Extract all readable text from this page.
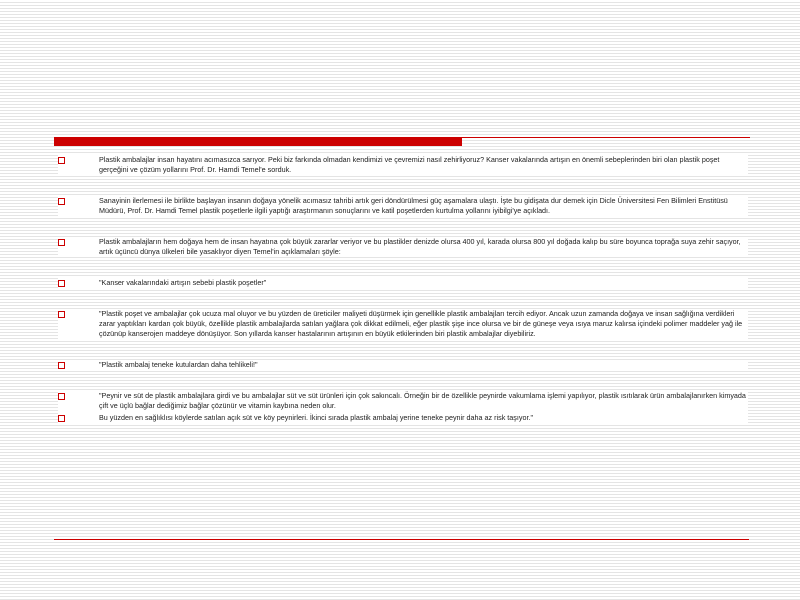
Plastik ambalajlar insan hayatını acımasızca sarıyor. Peki biz farkında olmadan kendimizi ve çevremizi nasıl zehirliyoruz? Kanser vakalarında artışın en önemli sebeplerinden biri olan plastik poşet gerçeğini ve çözüm yollarını Prof. Dr. Hamdi Temel'e sorduk.
Sanayinin ilerlemesi ile birlikte başlayan insanın doğaya yönelik acımasız tahribi artık geri döndürülmesi güç aşamalara ulaştı. İşte bu gidişata dur demek için Dicle Üniversitesi Fen Bilimleri Enstitüsü Müdürü, Prof. Dr. Hamdi Temel plastik poşetlerle ilgili yaptığı araştırmanın sonuçlarını ve katil poşetlerden kurtulma yollarını iyibilgi'ye açıkladı.
Plastik ambalajların hem doğaya hem de insan hayatına çok büyük zararlar veriyor ve bu plastikler denizde olursa 400 yıl, karada olursa 800 yıl doğada kalıp bu süre boyunca toprağa suya zehir saçıyor, artık üçüncü dünya ülkeleri bile yasaklıyor diyen Temel'in açıklamaları şöyle:
"Kanser vakalarındaki artışın sebebi plastik poşetler"
"Plastik poşet ve ambalajlar çok ucuza mal oluyor ve bu yüzden de üreticiler maliyeti düşürmek için genellikle plastik ambalajları tercih ediyor. Ancak uzun zamanda doğaya ve insan sağlığına verdikleri zarar yaptıkları kardan çok büyük, özellikle plastik ambalajlarda satılan yağlara çok dikkat edilmeli, eğer plastik şişe ince olursa ve bir de güneşe veya ısıya maruz kalırsa içindeki polimer maddeler yağ ile çözünüp kanserojen maddeye dönüşüyor. Son yıllarda kanser hastalarının artışının en büyük etkilerinden biri plastik ambalajlar diyebiliriz.
"Plastik ambalaj teneke kutulardan daha tehlikeli!"
"Peynir ve süt de plastik ambalajlara girdi ve bu ambalajlar süt ve süt ürünleri için çok sakıncalı. Örneğin bir de özellikle peynirde vakumlama işlemi yapılıyor, plastik ısıtılarak ürün ambalajlanırken kimyada çift ve üçlü bağlar dediğimiz bağlar çözünür ve vitamin kaybına neden olur.
Bu yüzden en sağlıklısı köylerde satılan açık süt ve köy peynirleri. İkinci sırada plastik ambalaj yerine teneke peynir daha az risk taşıyor."
